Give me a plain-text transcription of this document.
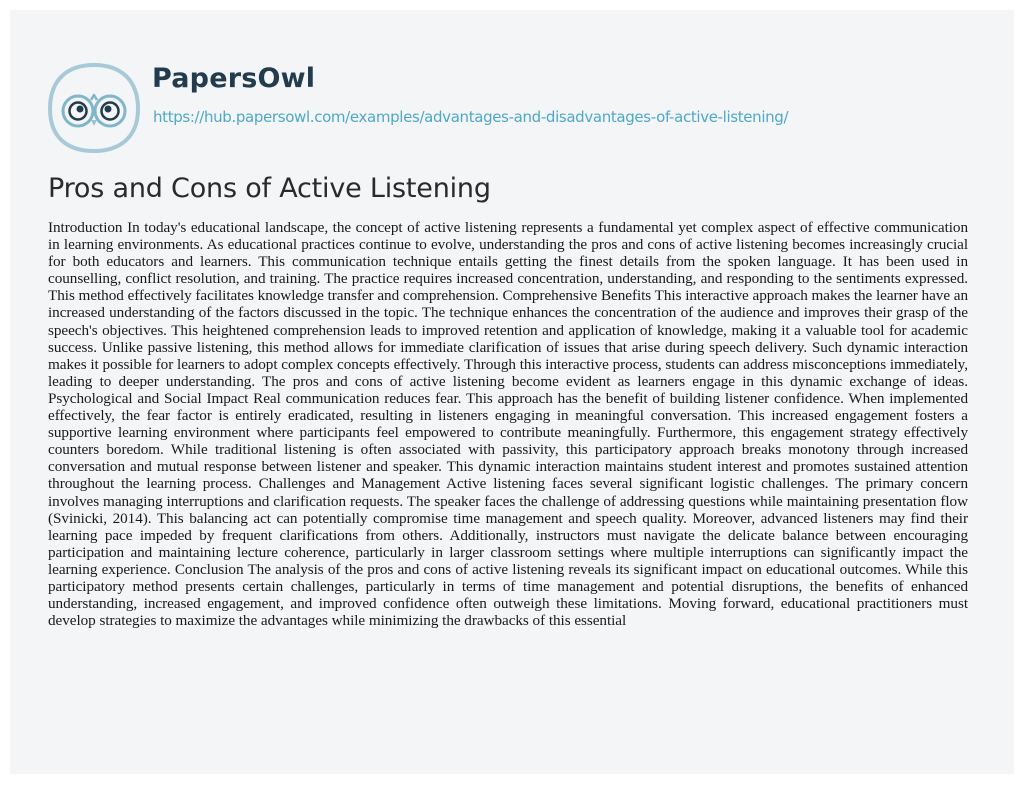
PapersOwl
https://hub.papersowl.com/examples/advantages-and-disadvantages-of-active-listening/
Pros and Cons of Active Listening

Introduction In today's educational landscape, the concept of active listening represents a fundamental yet complex aspect of effective communication in learning environments. As educational practices continue to evolve, understanding the pros and cons of active listening becomes increasingly crucial for both educators and learners. This communication technique entails getting the finest details from the spoken language. It has been used in counselling, conflict resolution, and training. The practice requires increased concentration, understanding, and responding to the sentiments expressed. This method effectively facilitates knowledge transfer and comprehension. Comprehensive Benefits This interactive approach makes the learner have an increased understanding of the factors discussed in the topic. The technique enhances the concentration of the audience and improves their grasp of the speech's objectives. This heightened comprehension leads to improved retention and application of knowledge, making it a valuable tool for academic success. Unlike passive listening, this method allows for immediate clarification of issues that arise during speech delivery. Such dynamic interaction makes it possible for learners to adopt complex concepts effectively. Through this interactive process, students can address misconceptions immediately, leading to deeper understanding. The pros and cons of active listening become evident as learners engage in this dynamic exchange of ideas. Psychological and Social Impact Real communication reduces fear. This approach has the benefit of building listener confidence. When implemented effectively, the fear factor is entirely eradicated, resulting in listeners engaging in meaningful conversation. This increased engagement fosters a supportive learning environment where participants feel empowered to contribute meaningfully. Furthermore, this engagement strategy effectively counters boredom. While traditional listening is often associated with passivity, this participatory approach breaks monotony through increased conversation and mutual response between listener and speaker. This dynamic interaction maintains student interest and promotes sustained attention throughout the learning process. Challenges and Management Active listening faces several significant logistic challenges. The primary concern involves managing interruptions and clarification requests. The speaker faces the challenge of addressing questions while maintaining presentation flow (Svinicki, 2014). This balancing act can potentially compromise time management and speech quality. Moreover, advanced listeners may find their learning pace impeded by frequent clarifications from others. Additionally, instructors must navigate the delicate balance between encouraging participation and maintaining lecture coherence, particularly in larger classroom settings where multiple interruptions can significantly impact the learning experience. Conclusion The analysis of the pros and cons of active listening reveals its significant impact on educational outcomes. While this participatory method presents certain challenges, particularly in terms of time management and potential disruptions, the benefits of enhanced understanding, increased engagement, and improved confidence often outweigh these limitations. Moving forward, educational practitioners must develop strategies to maximize the advantages while minimizing the drawbacks of this essential
